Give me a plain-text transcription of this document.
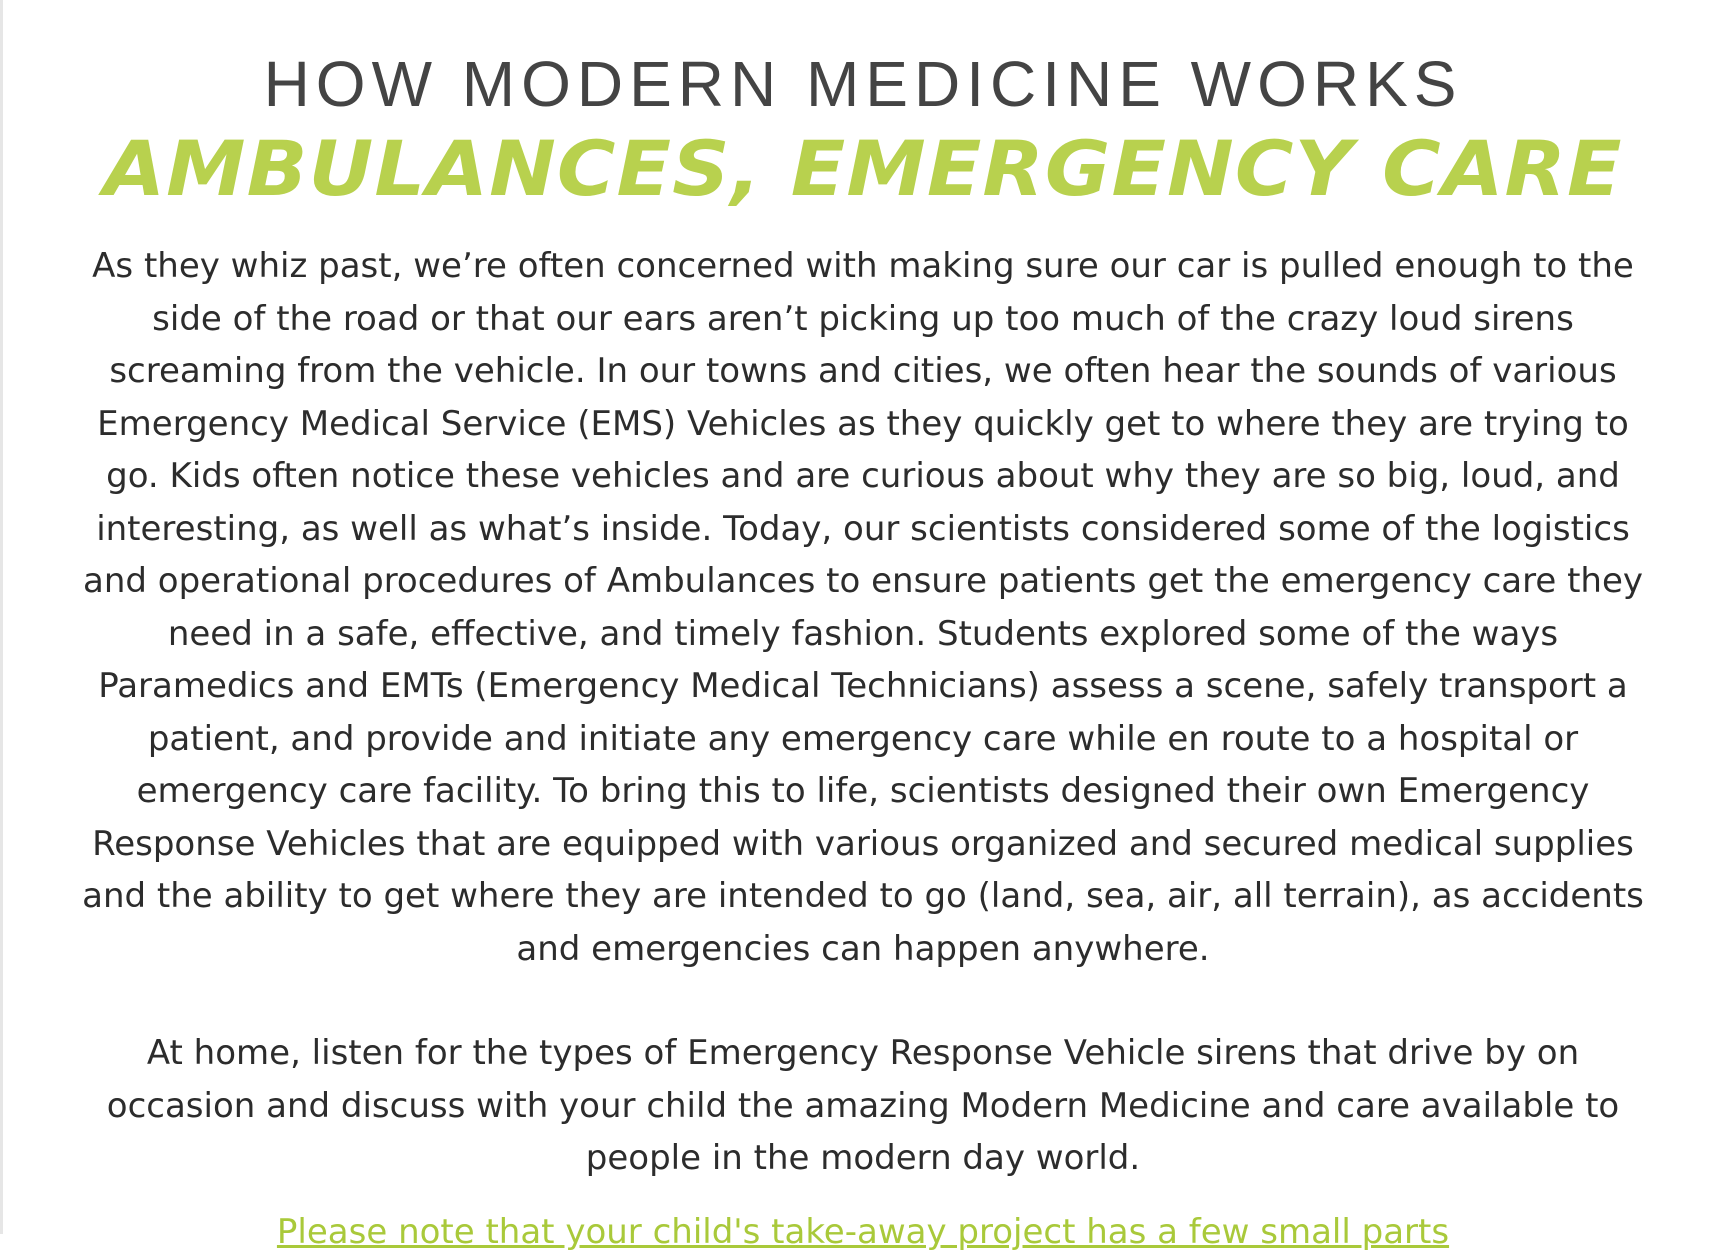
HOW MODERN MEDICINE WORKS
AMBULANCES, EMERGENCY CARE

As they whiz past, we’re often concerned with making sure our car is pulled enough to the side of the road or that our ears aren’t picking up too much of the crazy loud sirens screaming from the vehicle. In our towns and cities, we often hear the sounds of various Emergency Medical Service (EMS) Vehicles as they quickly get to where they are trying to go. Kids often notice these vehicles and are curious about why they are so big, loud, and interesting, as well as what’s inside. Today, our scientists considered some of the logistics and operational procedures of Ambulances to ensure patients get the emergency care they need in a safe, effective, and timely fashion. Students explored some of the ways Paramedics and EMTs (Emergency Medical Technicians) assess a scene, safely transport a patient, and provide and initiate any emergency care while en route to a hospital or emergency care facility. To bring this to life, scientists designed their own Emergency Response Vehicles that are equipped with various organized and secured medical supplies and the ability to get where they are intended to go (land, sea, air, all terrain), as accidents and emergencies can happen anywhere.

At home, listen for the types of Emergency Response Vehicle sirens that drive by on occasion and discuss with your child the amazing Modern Medicine and care available to people in the modern day world.

Please note that your child's take-away project has a few small parts
